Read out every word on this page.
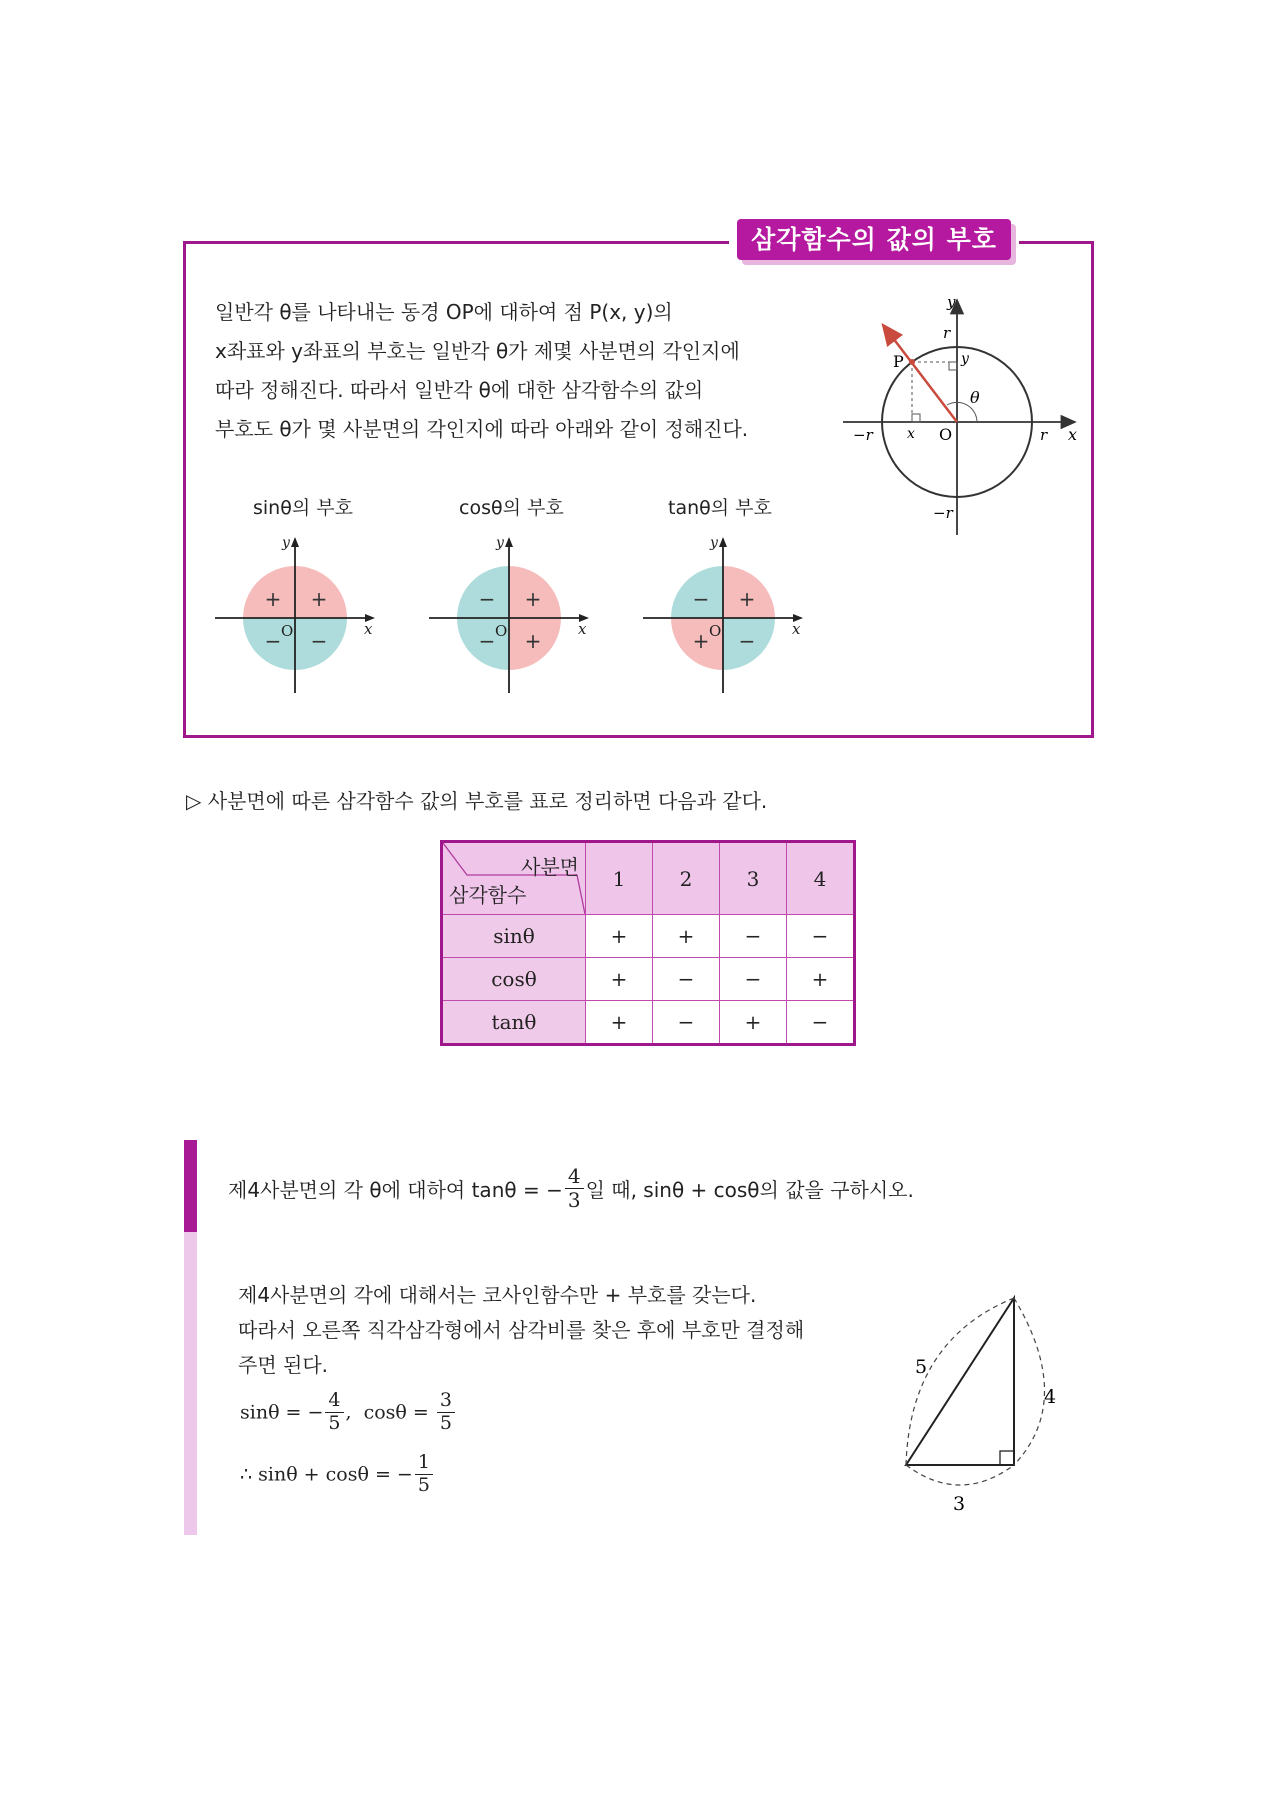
삼각함수의 값의 부호

일반각 θ를 나타내는 동경 OP에 대하여 점 P(x, y)의

x좌표와 y좌표의 부호는 일반각 θ가 제몇 사분면의 각인지에

따라 정해진다. 따라서 일반각 θ에 대한 삼각함수의 값의

부호도 θ가 몇 사분면의 각인지에 따라 아래와 같이 정해진다.

y
x
O
P
r
r
−r
−r
θ
x
y
sinθ의 부호	cosθ의 부호	tanθ의 부호
+
+
− −
O	x
y
+
−
− +
O	x
y
+
−
+ −
O	x
y
▷ 사분면에 따른 삼각함수 값의 부호를 표로 정리하면 다음과 같다.
사분면
삼각함수	1	2	3	4
sinθ	+	+	−	−
cosθ	+	−	−	+
tanθ	+	−	+	−
제4사분면의 각 θ에 대하여 tanθ = − $\frac{4}{3}$ 일 때, sinθ + cosθ의 값을 구하시오.
제4사분면의 각에 대해서는 코사인함수만 + 부호를 갖는다.
따라서 오른쪽 직각삼각형에서 삼각비를 찾은 후에 부호만 결정해
주면 된다.
sinθ = − $\frac{4}{5}$ , $\cos\theta = \frac{3}{5}$
∴ sinθ + cosθ = − $\frac{1}{5}$
5
4
3
